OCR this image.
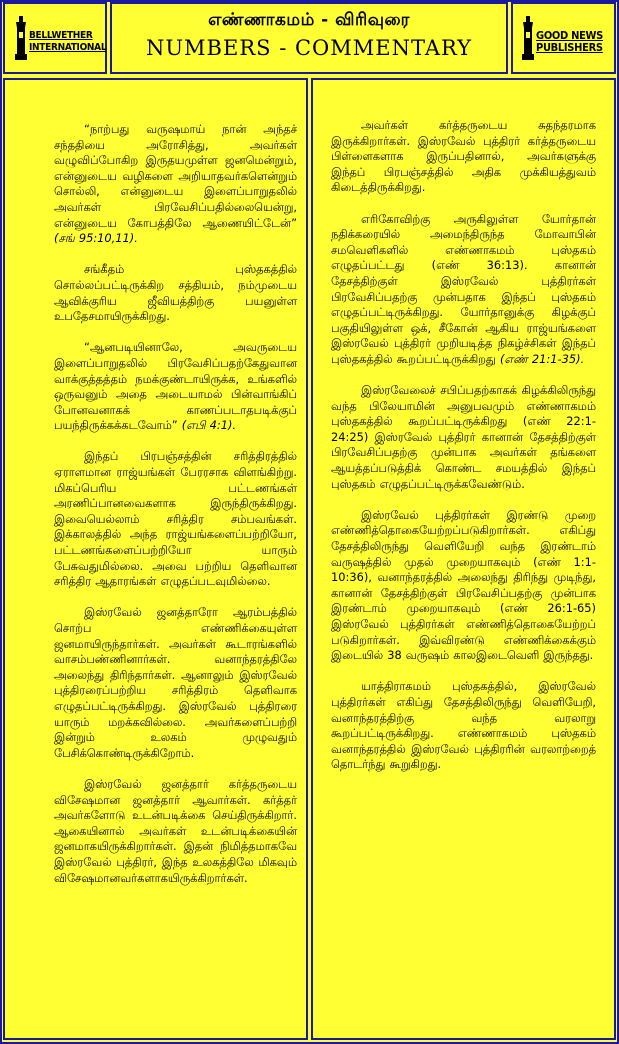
BELLWETHER
INTERNATIONAL
எண்ணாகமம் - விரிவுரை
NUMBERS - COMMENTARY
GOOD NEWS
PUBLISHERS

“நாற்பது வருஷமாய் நான் அந்தச் சந்ததியை அரோசித்து, அவர்கள் வழுவிப்போகிற இருதயமுள்ள ஜனமென்றும், என்னுடைய வழிகளை அறியாதவர்களென்றும் சொல்லி, என்னுடைய இளைப்பாறுதலில் அவர்கள் பிரவேசிப்பதில்லையென்று, என்னுடைய கோபத்திலே ஆணையிட்டேன்” (சங் 95:10,11).

சங்கீதம் புஸ்தகத்தில் சொல்லப்பட்டிருக்கிற சத்தியம், நம்முடைய ஆவிக்குரிய ஜீவியத்திற்கு பயனுள்ள உபதேசமாயிருக்கிறது.

“ஆனபடியினாலே, அவருடைய இளைப்பாறுதலில் பிரவேசிப்பதற்கேதுவான வாக்குத்தத்தம் நமக்குண்டாயிருக்க, உங்களில் ஒருவனும் அதை அடையாமல் பின்வாங்கிப் போனவனாகக் காணப்படாதபடிக்குப் பயந்திருக்கக்கடவோம்” (எபி 4:1).

இந்தப் பிரபஞ்சத்தின் சரித்திரத்தில் ஏராளமான ராஜ்யங்கள் பேரரசாக விளங்கிற்று. மிகப்பெரிய பட்டணங்கள் அரணிப்பானவைகளாக இருந்திருக்கிறது. இவையெல்லாம் சரித்திர சம்பவங்கள். இக்காலத்தில் அந்த ராஜ்யங்களைப்பற்றியோ, பட்டணங்களைப்பற்றியோ யாரும் பேசுவதுமில்லை. அவை பற்றிய தெளிவான சரித்திர ஆதாரங்கள் எழுதப்படவுமில்லை.

இஸ்ரவேல் ஜனத்தாரோ ஆரம்பத்தில் சொற்ப எண்ணிக்கையுள்ள ஜனமாயிருந்தார்கள். அவர்கள் கூடாரங்களில் வாசம்பண்ணினார்கள். வனாந்தரத்திலே அலைந்து திரிந்தார்கள். ஆனாலும் இஸ்ரவேல் புத்திரரைப்பற்றிய சரித்திரம் தெளிவாக எழுதப்பட்டிருக்கிறது. இஸ்ரவேல் புத்திரரை யாரும் மறக்கவில்லை. அவர்களைப்பற்றி இன்றும் உலகம் முழுவதும் பேசிக்கொண்டிருக்கிறோம்.

இஸ்ரவேல் ஜனத்தார் கர்த்தருடைய விசேஷமான ஜனத்தார் ஆவார்கள். கர்த்தர் அவர்களோடு உடன்படிக்கை செய்திருக்கிறார். ஆகையினால் அவர்கள் உடன்படிக்கையின் ஜனமாகயிருக்கிறார்கள். இதன் நிமித்தமாகவே இஸ்ரவேல் புத்திரர், இந்த உலகத்திலே மிகவும் விசேஷமானவர்களாகயிருக்கிறார்கள்.

அவர்கள் கர்த்தருடைய சுதந்தரமாக இருக்கிறார்கள். இஸ்ரவேல் புத்திரர் கர்த்தருடைய பிள்ளைகளாக இருப்பதினால், அவர்களுக்கு இந்தப் பிரபஞ்சத்தில் அதிக முக்கியத்துவம் கிடைத்திருக்கிறது.

எரிகோவிற்கு அருகிலுள்ள யோர்தான் நதிக்கரையில் அமைந்திருந்த மோவாபின் சமவெளிகளில் எண்ணாகமம் புஸ்தகம் எழுதப்பட்டது (எண் 36:13). கானான் தேசத்திற்குள் இஸ்ரவேல் புத்திரர்கள் பிரவேசிப்பதற்கு முன்பதாக இந்தப் புஸ்தகம் எழுதப்பட்டிருக்கிறது. யோர்தானுக்கு கிழக்குப் பகுதியிலுள்ள ஒக், சீகோன் ஆகிய ராஜ்யங்களை இஸ்ரவேல் புத்திரர் முறியடித்த நிகழ்ச்சிகள் இந்தப் புஸ்தகத்தில் கூறப்பட்டிருக்கிறது (எண் 21:1-35).

இஸ்ரவேலைச் சபிப்பதற்காகக் கிழக்கிலிருந்து வந்த பிலேயாமின் அனுபவமும் எண்ணாகமம் புஸ்தகத்தில் கூறப்பட்டிருக்கிறது (எண் 22:1-24:25) இஸ்ரவேல் புத்திரர் கானான் தேசத்திற்குள் பிரவேசிப்பதற்கு முன்பாக அவர்கள் தங்களை ஆயத்தப்படுத்திக் கொண்ட சமயத்தில் இந்தப் புஸ்தகம் எழுதப்பட்டிருக்கவேண்டும்.

இஸ்ரவேல் புத்திரர்கள் இரண்டு முறை எண்ணித்தொகையேற்றப்படுகிறார்கள். எகிப்து தேசத்திலிருந்து வெளியேறி வந்த இரண்டாம் வருஷத்தில் முதல் முறையாகவும் (எண் 1:1-10:36), வனாந்தரத்தில் அலைந்து திரிந்து முடிந்து, கானான் தேசத்திற்குள் பிரவேசிப்பதற்கு முன்பாக இரண்டாம் முறையாகவும் (எண் 26:1-65) இஸ்ரவேல் புத்திரர்கள் எண்ணித்தொகையேற்றப் படுகிறார்கள். இவ்விரண்டு எண்ணிக்கைக்கும் இடையில் 38 வருஷம் காலஇடைவெளி இருந்தது.

யாத்திராகமம் புஸ்தகத்தில், இஸ்ரவேல் புத்திரர்கள் எகிப்து தேசத்திலிருந்து வெளியேறி, வனாந்தரத்திற்கு வந்த வரலாறு கூறப்பட்டிருக்கிறது. எண்ணாகமம் புஸ்தகம் வனாந்தரத்தில் இஸ்ரவேல் புத்திரரின் வரலாற்றைத் தொடர்ந்து கூறுகிறது.
